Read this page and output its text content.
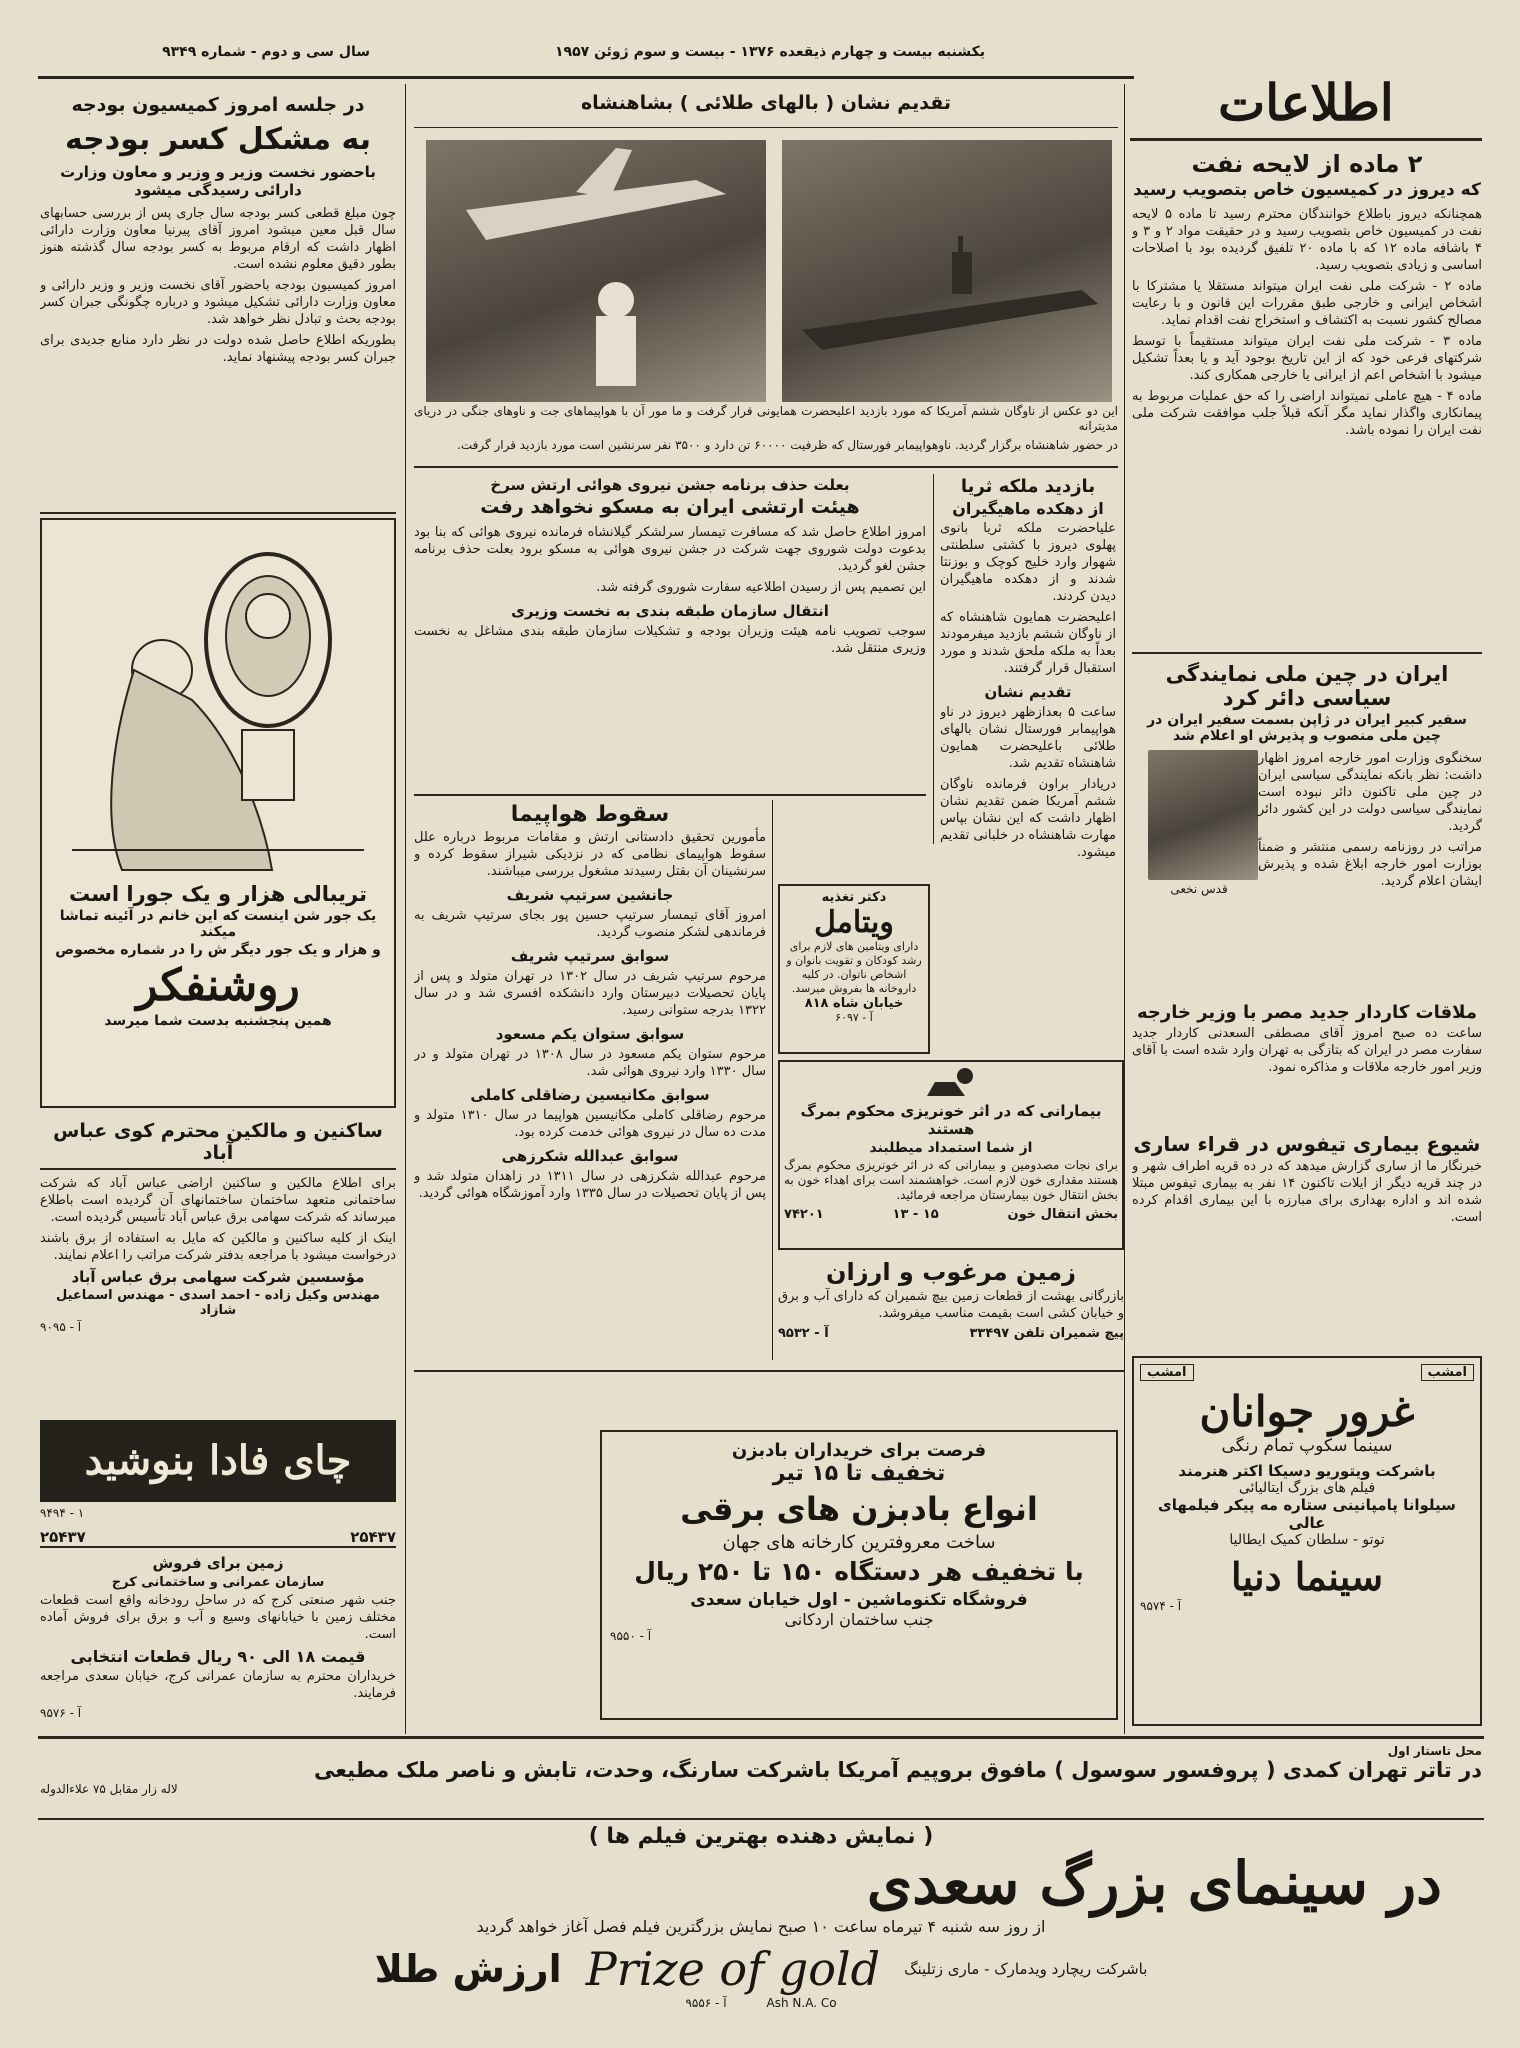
سال سی و دوم - شماره ۹۳۴۹	یکشنبه بیست و چهارم ذیقعده ۱۳۷۶ - بیست و سوم ژوئن ۱۹۵۷
اطلاعات
۲ ماده از لایحه نفت
که دیروز در کمیسیون خاص بتصویب رسید

همچنانکه دیروز باطلاع خوانندگان محترم رسید تا ماده ۵ لایحه نفت در کمیسیون خاص بتصویب رسید و در حقیقت مواد ۲ و ۳ و ۴ باشافه ماده ۱۲ که با ماده ۲۰ تلفیق گردیده بود با اصلاحات اساسی و زیادی بتصویب رسید.

ماده ۲ - شرکت ملی نفت ایران میتواند مستقلا یا مشترکا با اشخاص ایرانی و خارجی طبق مقررات این قانون و با رعایت مصالح کشور نسبت به اکتشاف و استخراج نفت اقدام نماید.

ماده ۳ - شرکت ملی نفت ایران میتواند مستقیماً با توسط شرکتهای فرعی خود که از این تاریخ بوجود آید و یا بعداً تشکیل میشود با اشخاص اعم از ایرانی یا خارجی همکاری کند.

ماده ۴ - هیچ عاملی نمیتواند اراضی را که حق عملیات مربوط به پیمانکاری واگذار نماید مگر آنکه قبلاً جلب موافقت شرکت ملی نفت ایران را نموده باشد.

ایران در چین ملی نمایندگی سیاسی دائر کرد
سفیر کبیر ایران در ژاپن بسمت سفیر ایران در چین ملی منصوب و پذیرش او اعلام شد
قدس نخعی

سخنگوی وزارت امور خارجه امروز اظهار داشت: نظر بانکه نمایندگی سیاسی ایران در چین ملی تاکنون دائر نبوده است نمایندگی سیاسی دولت در این کشور دائر گردید.

مراتب در روزنامه رسمی منتشر و ضمناً بوزارت امور خارجه ابلاغ شده و پذیرش ایشان اعلام گردید.

ملاقات کاردار جدید مصر با وزیر خارجه

ساعت ده صبح امروز آقای مصطفی السعدنی کاردار جدید سفارت مصر در ایران که بتازگی به تهران وارد شده است با آقای وزیر امور خارجه ملاقات و مذاکره نمود.

شیوع بیماری تیفوس در قراء ساری

خبرنگار ما از ساری گزارش میدهد که در ده قریه اطراف شهر و در چند قریه دیگر از ایلات تاکنون ۱۴ نفر به بیماری تیفوس مبتلا شده اند و اداره بهداری برای مبارزه با این بیماری اقدام کرده است.

در جلسه امروز کمیسیون بودجه
به مشکل کسر بودجه
باحضور نخست وزیر و وزیر و معاون وزارت دارائی رسیدگی میشود

چون مبلغ قطعی کسر بودجه سال جاری پس از بررسی حسابهای سال قبل معین میشود امروز آقای پیرنیا معاون وزارت دارائی اظهار داشت که ارقام مربوط به کسر بودجه سال گذشته هنوز بطور دقیق معلوم نشده است.

امروز کمیسیون بودجه باحضور آقای نخست وزیر و وزیر دارائی و معاون وزارت دارائی تشکیل میشود و درباره چگونگی جبران کسر بودجه بحث و تبادل نظر خواهد شد.

بطوریکه اطلاع حاصل شده دولت در نظر دارد منابع جدیدی برای جبران کسر بودجه پیشنهاد نماید.

تریبالی هزار و یک جورا است
یک جور شن اینست که این خانم در آئینه تماشا میکند
و هزار و یک جور دیگر ش را در شماره مخصوص
روشنفکر
همین پنجشنبه بدست شما میرسد
ساکنین و مالکین محترم کوی عباس آباد

برای اطلاع مالکین و ساکنین اراضی عباس آباد که شرکت ساختمانی متعهد ساختمان ساختمانهای آن گردیده است باطلاع میرساند که شرکت سهامی برق عباس آباد تأسیس گردیده است.

اینک از کلیه ساکنین و مالکین که مایل به استفاده از برق باشند درخواست میشود با مراجعه بدفتر شرکت مراتب را اعلام نمایند.

مؤسسین شرکت سهامی برق عباس آباد
مهندس وکیل زاده - احمد اسدی - مهندس اسماعیل شازاد
آ - ۹۰۹۵
چای فادا بنوشید
۱ - ۹۴۹۴
۲۵۴۳۷
۲۵۴۳۷
زمین برای فروش
سازمان عمرانی و ساختمانی کرج

جنب شهر صنعتی کرج که در ساحل رودخانه واقع است قطعات مختلف زمین با خیابانهای وسیع و آب و برق برای فروش آماده است.

قیمت ۱۸ الی ۹۰ ریال قطعات انتخابی

خریداران محترم به سازمان عمرانی کرج، خیابان سعدی مراجعه فرمایند.

آ - ۹۵۷۶
تقدیم نشان ( بالهای طلائی ) بشاهنشاه

این دو عکس از ناوگان ششم آمریکا که مورد بازدید اعلیحضرت همایونی قرار گرفت و ما مور آن با هواپیماهای جت و ناوهای جنگی در دریای مدیترانه

در حضور شاهنشاه برگزار گردید. ناوهواپیمابر فورستال که ظرفیت ۶۰۰۰۰ تن دارد و ۳۵۰۰ نفر سرنشین است مورد بازدید قرار گرفت.

بازدید ملکه ثریا
از دهکده ماهیگیران

علیاحضرت ملکه ثریا بانوی پهلوی دیروز با کشتی سلطنتی شهوار وارد خلیج کوچک و بوزنتا شدند و از دهکده ماهیگیران دیدن کردند.

اعلیحضرت همایون شاهنشاه که از ناوگان ششم بازدید میفرمودند بعداً به ملکه ملحق شدند و مورد استقبال قرار گرفتند.

تقدیم نشان

ساعت ۵ بعدازظهر دیروز در ناو هواپیمابر فورستال نشان بالهای طلائی باعلیحضرت همایون شاهنشاه تقدیم شد.

دریادار براون فرمانده ناوگان ششم آمریکا ضمن تقدیم نشان اظهار داشت که این نشان بپاس مهارت شاهنشاه در خلبانی تقدیم میشود.

بعلت حذف برنامه جشن نیروی هوائی ارتش سرخ
هیئت ارتشی ایران به مسکو نخواهد رفت

امروز اطلاع حاصل شد که مسافرت تیمسار سرلشکر گیلانشاه فرمانده نیروی هوائی که بنا بود بدعوت دولت شوروی جهت شرکت در جشن نیروی هوائی به مسکو برود بعلت حذف برنامه جشن لغو گردید.

این تصمیم پس از رسیدن اطلاعیه سفارت شوروی گرفته شد.

انتقال سازمان طبقه بندی به نخست وزیری

سوجب تصویب نامه هیئت وزیران بودجه و تشکیلات سازمان طبقه بندی مشاغل به نخست وزیری منتقل شد.

سقوط هواپیما

مأمورین تحقیق دادستانی ارتش و مقامات مربوط درباره علل سقوط هواپیمای نظامی که در نزدیکی شیراز سقوط کرده و سرنشینان آن بقتل رسیدند مشغول بررسی میباشند.

جانشین سرتیپ شریف

امروز آقای تیمسار سرتیپ حسین پور بجای سرتیپ شریف به فرماندهی لشکر منصوب گردید.

سوابق سرتیپ شریف

مرحوم سرتیپ شریف در سال ۱۳۰۲ در تهران متولد و پس از پایان تحصیلات دبیرستان وارد دانشکده افسری شد و در سال ۱۳۲۲ بدرجه ستوانی رسید.

سوابق ستوان یکم مسعود

مرحوم ستوان یکم مسعود در سال ۱۳۰۸ در تهران متولد و در سال ۱۳۳۰ وارد نیروی هوائی شد.

سوابق مکانیسین رضاقلی کاملی

مرحوم رضاقلی کاملی مکانیسین هواپیما در سال ۱۳۱۰ متولد و مدت ده سال در نیروی هوائی خدمت کرده بود.

سوابق عبدالله شکرزهی

مرحوم عبدالله شکرزهی در سال ۱۳۱۱ در زاهدان متولد شد و پس از پایان تحصیلات در سال ۱۳۳۵ وارد آموزشگاه هوائی گردید.

دکتر تغذیه
ویتامل
دارای ویتامین های لازم برای رشد کودکان و تقویت بانوان و اشخاص ناتوان. در کلیه داروخانه ها بفروش میرسد.
خیابان شاه ۸۱۸
آ - ۶۰۹۷
بیمارانی که در اثر خونریزی محکوم بمرگ هستند
از شما استمداد میطلبند

برای نجات مصدومین و بیمارانی که در اثر خونریزی محکوم بمرگ هستند مقداری خون لازم است. خواهشمند است برای اهداء خون به بخش انتقال خون بیمارستان مراجعه فرمائید.

بخش انتقال خون
۱۵ - ۱۳
۷۴۲۰۱
زمین مرغوب و ارزان

بازرگانی بهشت از قطعات زمین بیچ شمیران که دارای آب و برق و خیابان کشی است بقیمت مناسب میفروشد.

پیچ شمیران تلفن ۳۳۴۹۷
آ - ۹۵۳۲
فرصت برای خریداران بادبزن
تخفیف تا ۱۵ تیر
انواع بادبزن های برقی
ساخت معروفترین کارخانه های جهان
با تخفیف هر دستگاه ۱۵۰ تا ۲۵۰ ریال
فروشگاه تکنوماشین - اول خیابان سعدی
جنب ساختمان اردکانی
آ - ۹۵۵۰
امشب
امشب
غرور جوانان
سینما سکوپ تمام رنگی
باشرکت ویتوریو دسیکا اکتر هنرمند
فیلم های بزرگ ایتالیائی
سیلوانا پامپانینی ستاره مه پیکر فیلمهای عالی
توتو - سلطان کمیک ایطالیا
سینما دنیا
آ - ۹۵۷۴
محل تاستار اول
در تاتر تهران کمدی ( پروفسور سوسول ) مافوق بروپیم آمریکا باشرکت سارنگ، وحدت، تابش و ناصر ملک مطیعی
لاله زار مقابل ۷۵ علاءالدوله
( نمایش دهنده بهترین فیلم ها )
در سینمای بزرگ سعدی
از روز سه شنبه ۴ تیرماه ساعت ۱۰ صبح نمایش بزرگترین فیلم فصل آغاز خواهد گردید
باشرکت ریچارد ویدمارک - ماری زتلینگ
Prize of gold
ارزش طلا
Ash N.A. Co
آ - ۹۵۵۶
